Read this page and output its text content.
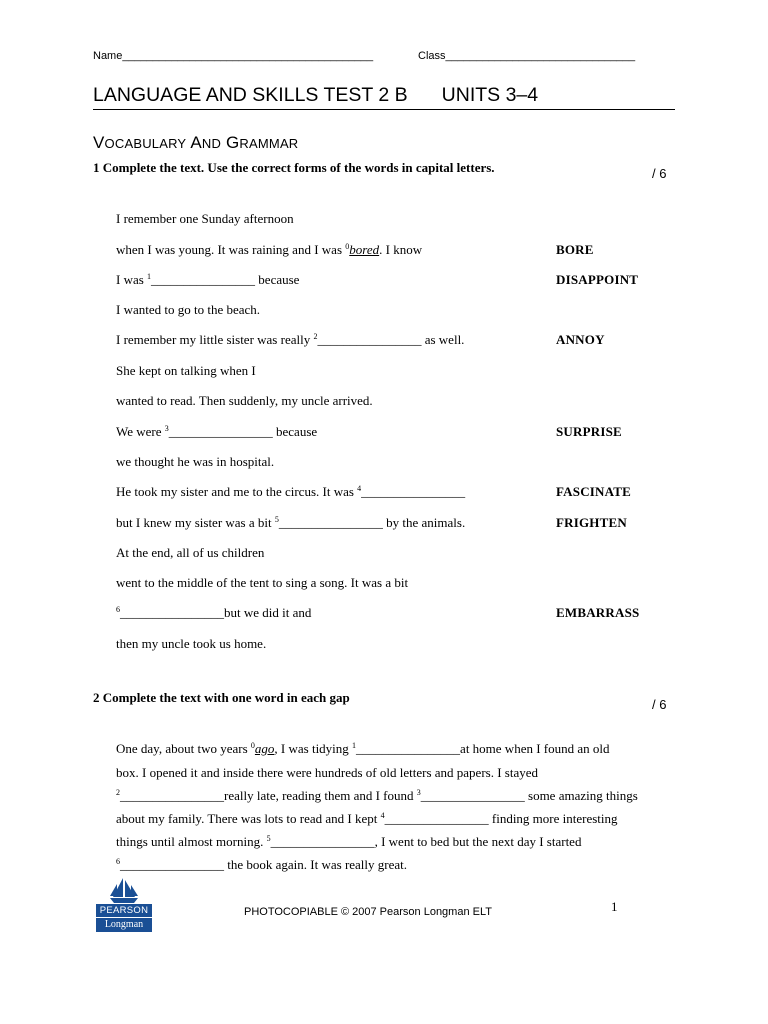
Name_________________________________________	Class_______________________________
LANGUAGE AND SKILLS TEST 2 B UNITS 3–4
VOCABULARY AND GRAMMAR
1 Complete the text. Use the correct forms of the words in capital letters.	/ 6
I remember one Sunday afternoon
when I was young. It was raining and I was $^0$bored. I know	BORE
I was $^1$________________ because	DISAPPOINT
I wanted to go to the beach.
I remember my little sister was really $^2$________________ as well.	ANNOY
She kept on talking when I
wanted to read. Then suddenly, my uncle arrived.
We were $^3$________________ because	SURPRISE
we thought he was in hospital.
He took my sister and me to the circus. It was $^4$________________	FASCINATE
but I knew my sister was a bit $^5$________________ by the animals.	FRIGHTEN
At the end, all of us children
went to the middle of the tent to sing a song. It was a bit
$^6$________________but we did it and	EMBARRASS
then my uncle took us home.
2 Complete the text with one word in each gap	/ 6
One day, about two years $^0$ago, I was tidying $^1$________________at home when I found an old
box. I opened it and inside there were hundreds of old letters and papers. I stayed
$^2$________________really late, reading them and I found $^3$________________ some amazing things
about my family. There was lots to read and I kept $^4$________________ finding more interesting
things until almost morning. $^5$________________, I went to bed but the next day I started
$^6$________________ the book again. It was really great.
PEARSON
Longman
PHOTOCOPIABLE © 2007 Pearson Longman ELT	1
